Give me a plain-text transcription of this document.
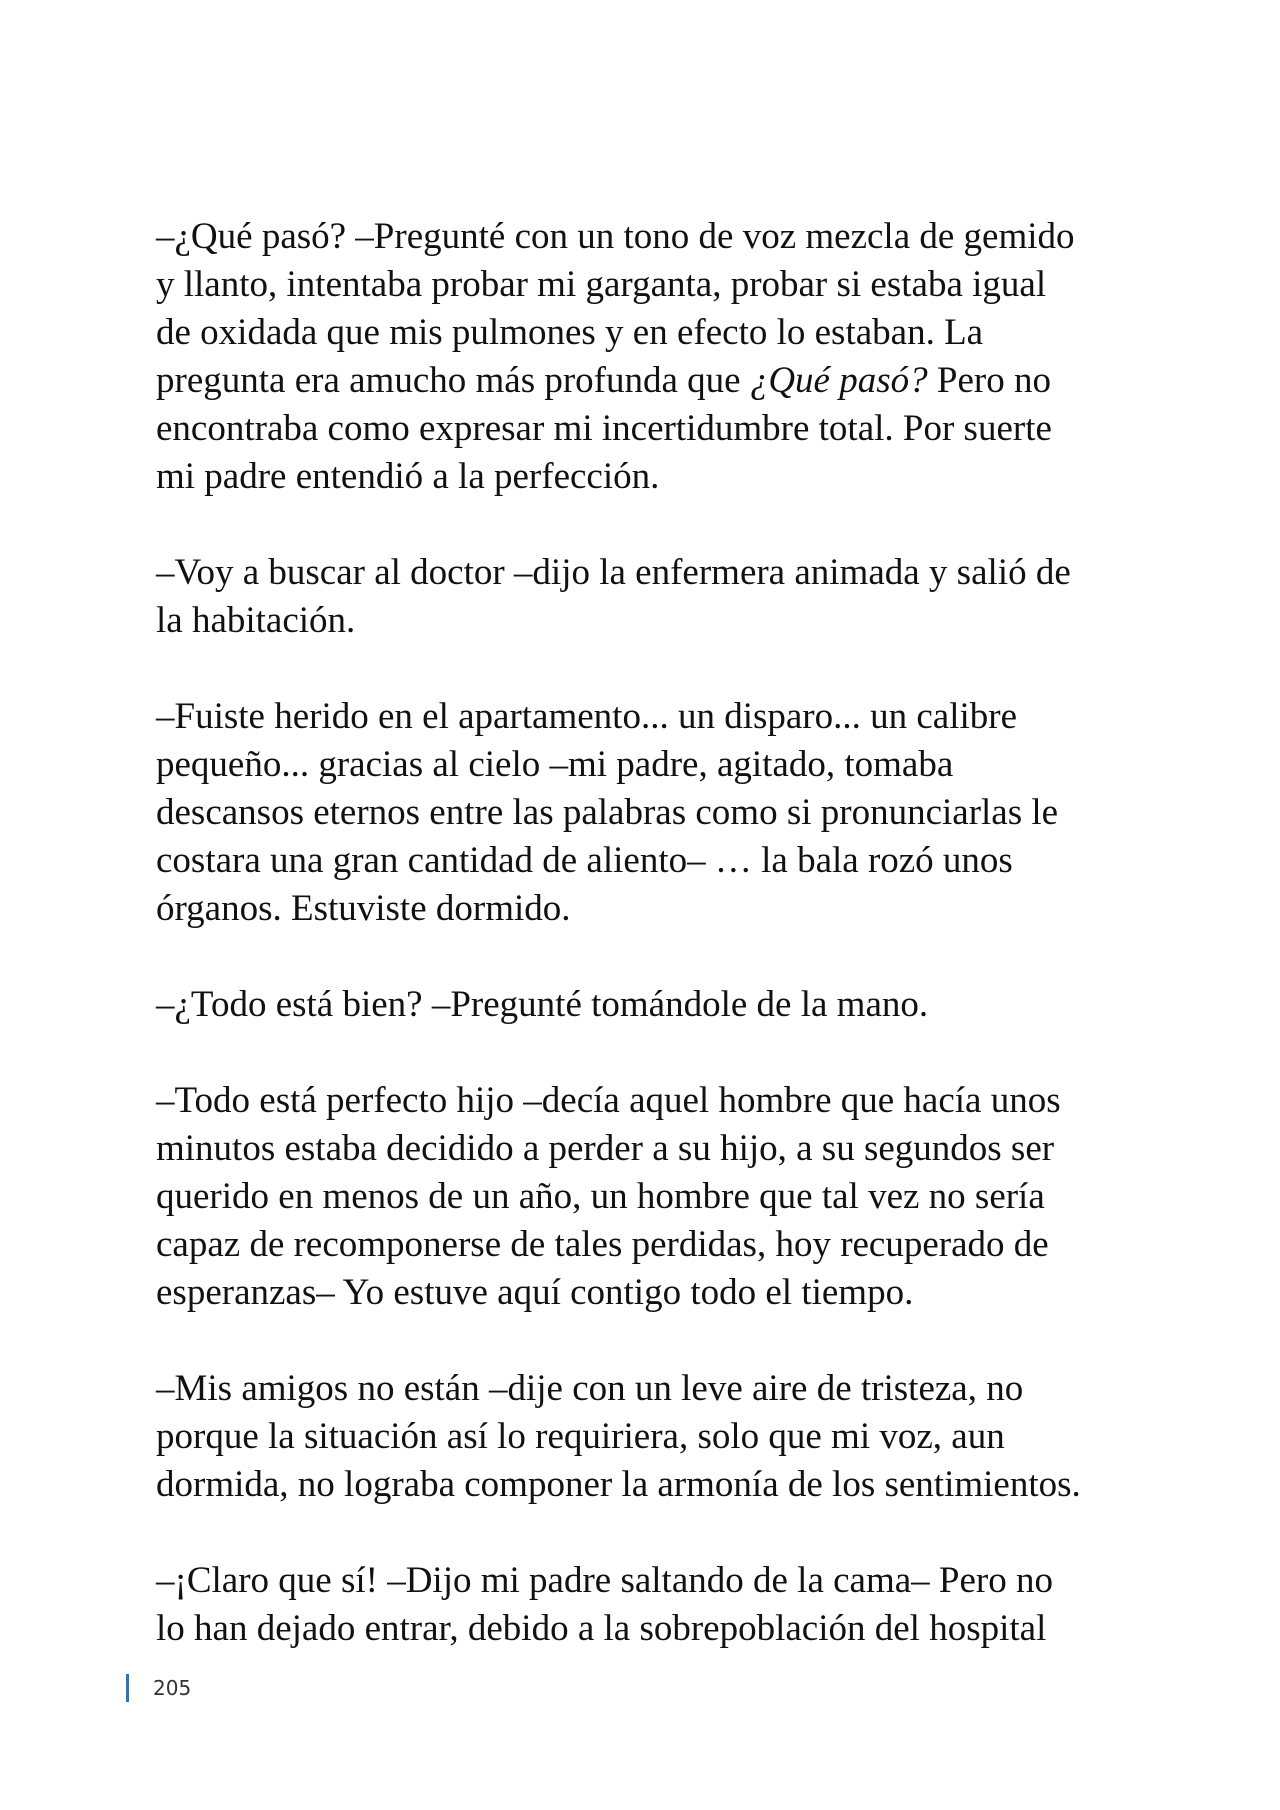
–¿Qué pasó? –Pregunté con un tono de voz mezcla de gemido
y llanto, intentaba probar mi garganta, probar si estaba igual
de oxidada que mis pulmones y en efecto lo estaban. La
pregunta era amucho más profunda que ¿Qué pasó? Pero no
encontraba como expresar mi incertidumbre total. Por suerte
mi padre entendió a la perfección.

–Voy a buscar al doctor –dijo la enfermera animada y salió de
la habitación.

–Fuiste herido en el apartamento... un disparo... un calibre
pequeño... gracias al cielo –mi padre, agitado, tomaba
descansos eternos entre las palabras como si pronunciarlas le
costara una gran cantidad de aliento– … la bala rozó unos
órganos. Estuviste dormido.

–¿Todo está bien? –Pregunté tomándole de la mano.

–Todo está perfecto hijo –decía aquel hombre que hacía unos
minutos estaba decidido a perder a su hijo, a su segundos ser
querido en menos de un año, un hombre que tal vez no sería
capaz de recomponerse de tales perdidas, hoy recuperado de
esperanzas– Yo estuve aquí contigo todo el tiempo.

–Mis amigos no están –dije con un leve aire de tristeza, no
porque la situación así lo requiriera, solo que mi voz, aun
dormida, no lograba componer la armonía de los sentimientos.

–¡Claro que sí! –Dijo mi padre saltando de la cama– Pero no
lo han dejado entrar, debido a la sobrepoblación del hospital

205
